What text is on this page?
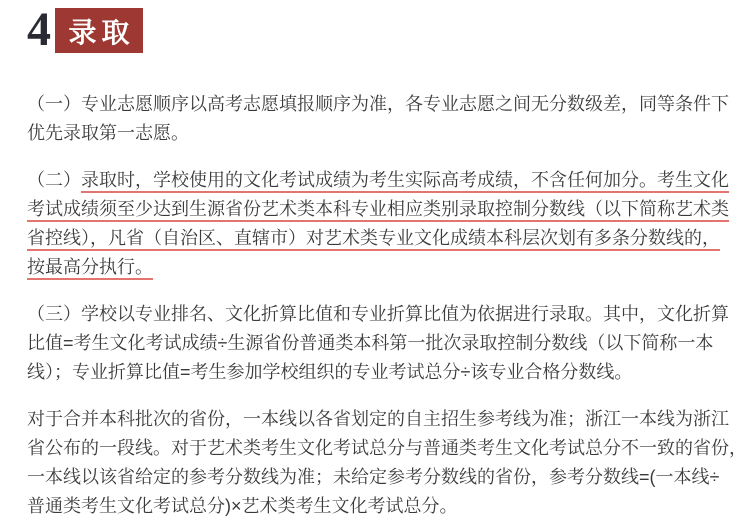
4 录取
（一）专业志愿顺序以高考志愿填报顺序为准，各专业志愿之间无分数级差，同等条件下
优先录取第一志愿。
（二）录取时，学校使用的文化考试成绩为考生实际高考成绩，不含任何加分。考生文化
考试成绩须至少达到生源省份艺术类本科专业相应类别录取控制分数线（以下简称艺术类
省控线），凡省（自治区、直辖市）对艺术类专业文化成绩本科层次划有多条分数线的，
按最高分执行。
（三）学校以专业排名、文化折算比值和专业折算比值为依据进行录取。其中，文化折算
比值=考生文化考试成绩÷生源省份普通类本科第一批次录取控制分数线（以下简称一本
线）；专业折算比值=考生参加学校组织的专业考试总分÷该专业合格分数线。
对于合并本科批次的省份，一本线以各省划定的自主招生参考线为准；浙江一本线为浙江
省公布的一段线。对于艺术类考生文化考试总分与普通类考生文化考试总分不一致的省份，
一本线以该省给定的参考分数线为准；未给定参考分数线的省份，参考分数线=(一本线÷
普通类考生文化考试总分)×艺术类考生文化考试总分。
